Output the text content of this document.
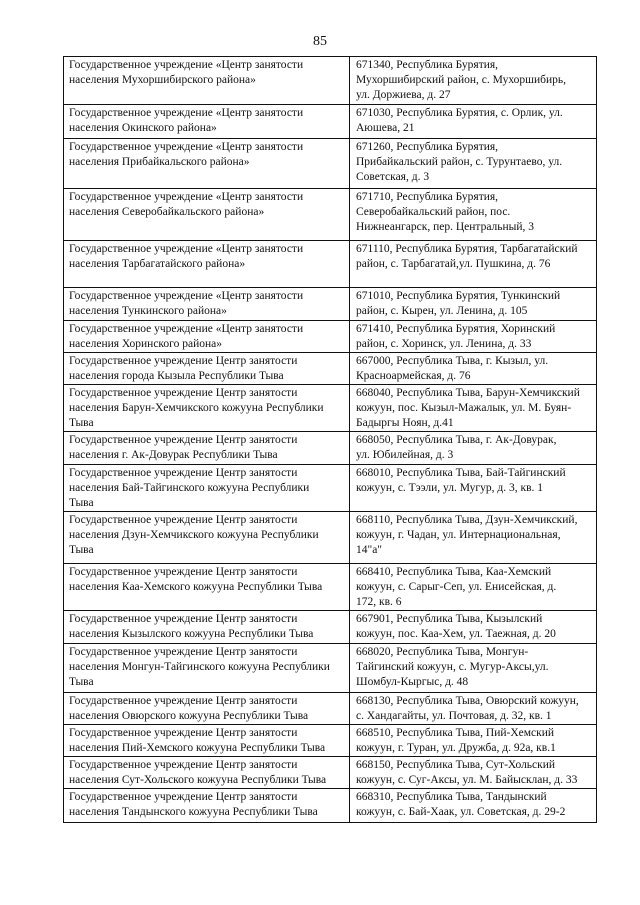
85
Государственное учреждение «Центр занятости
населения Мухоршибирского района»	671340, Республика Бурятия,
Мухоршибирский район, с. Мухоршибирь,
ул. Доржиева, д. 27

Государственное учреждение «Центр занятости
населения Окинского района»	671030, Республика Бурятия, с. Орлик, ул.
Аюшева, 21

Государственное учреждение «Центр занятости
населения Прибайкальского района»	671260, Республика Бурятия,
Прибайкальский район, с. Турунтаево, ул.
Советская, д. 3

Государственное учреждение «Центр занятости
населения Северобайкальского района»	671710, Республика Бурятия,
Северобайкальский район, пос.
Нижнеангарск, пер. Центральный, 3

Государственное учреждение «Центр занятости
населения Тарбагатайского района»	671110, Республика Бурятия, Тарбагатайский
район, с. Тарбагатай,ул. Пушкина, д. 76

Государственное учреждение «Центр занятости
населения Тункинского района»	671010, Республика Бурятия, Тункинский
район, с. Кырен, ул. Ленина, д. 105

Государственное учреждение «Центр занятости
населения Хоринского района»	671410, Республика Бурятия, Хоринский
район, с. Хоринск, ул. Ленина, д. 33

Государственное учреждение Центр занятости
населения города Кызыла Республики Тыва	667000, Республика Тыва, г. Кызыл, ул.
Красноармейская, д. 76

Государственное учреждение Центр занятости
населения Барун-Хемчикского кожууна Республики
Тыва	668040, Республика Тыва, Барун-Хемчикский
кожуун, пос. Кызыл-Мажалык, ул. М. Буян-
Бадыргы Ноян, д.41

Государственное учреждение Центр занятости
населения г. Ак-Довурак Республики Тыва	668050, Республика Тыва, г. Ак-Довурак,
ул. Юбилейная, д. 3

Государственное учреждение Центр занятости
населения Бай-Тайгинского кожууна Республики
Тыва	668010, Республика Тыва, Бай-Тайгинский
кожуун, с. Тээли, ул. Мугур, д. 3, кв. 1

Государственное учреждение Центр занятости
населения Дзун-Хемчикского кожууна Республики
Тыва	668110, Республика Тыва, Дзун-Хемчикский,
кожуун, г. Чадан, ул. Интернациональная,
14"а"

Государственное учреждение Центр занятости
населения Каа-Хемского кожууна Республики Тыва	668410, Республика Тыва, Каа-Хемский
кожуун, с. Сарыг-Сеп, ул. Енисейская, д.
172, кв. 6

Государственное учреждение Центр занятости
населения Кызылского кожууна Республики Тыва	667901, Республика Тыва, Кызылский
кожуун, пос. Каа-Хем, ул. Таежная, д. 20

Государственное учреждение Центр занятости
населения Монгун-Тайгинского кожууна Республики
Тыва	668020, Республика Тыва, Монгун-
Тайгинский кожуун, с. Мугур-Аксы,ул.
Шомбул-Кыргыс, д. 48

Государственное учреждение Центр занятости
населения Овюрского кожууна Республики Тыва	668130, Республика Тыва, Овюрский кожуун,
с. Хандагайты, ул. Почтовая, д. 32, кв. 1

Государственное учреждение Центр занятости
населения Пий-Хемского кожууна Республики Тыва	668510, Республика Тыва, Пий-Хемский
кожуун, г. Туран, ул. Дружба, д. 92а, кв.1

Государственное учреждение Центр занятости
населения Сут-Хольского кожууна Республики Тыва	668150, Республика Тыва, Сут-Хольский
кожуун, с. Суг-Аксы, ул. М. Байысклан, д. 33

Государственное учреждение Центр занятости
населения Тандынского кожууна Республики Тыва	668310, Республика Тыва, Тандынский
кожуун, с. Бай-Хаак, ул. Советская, д. 29-2
